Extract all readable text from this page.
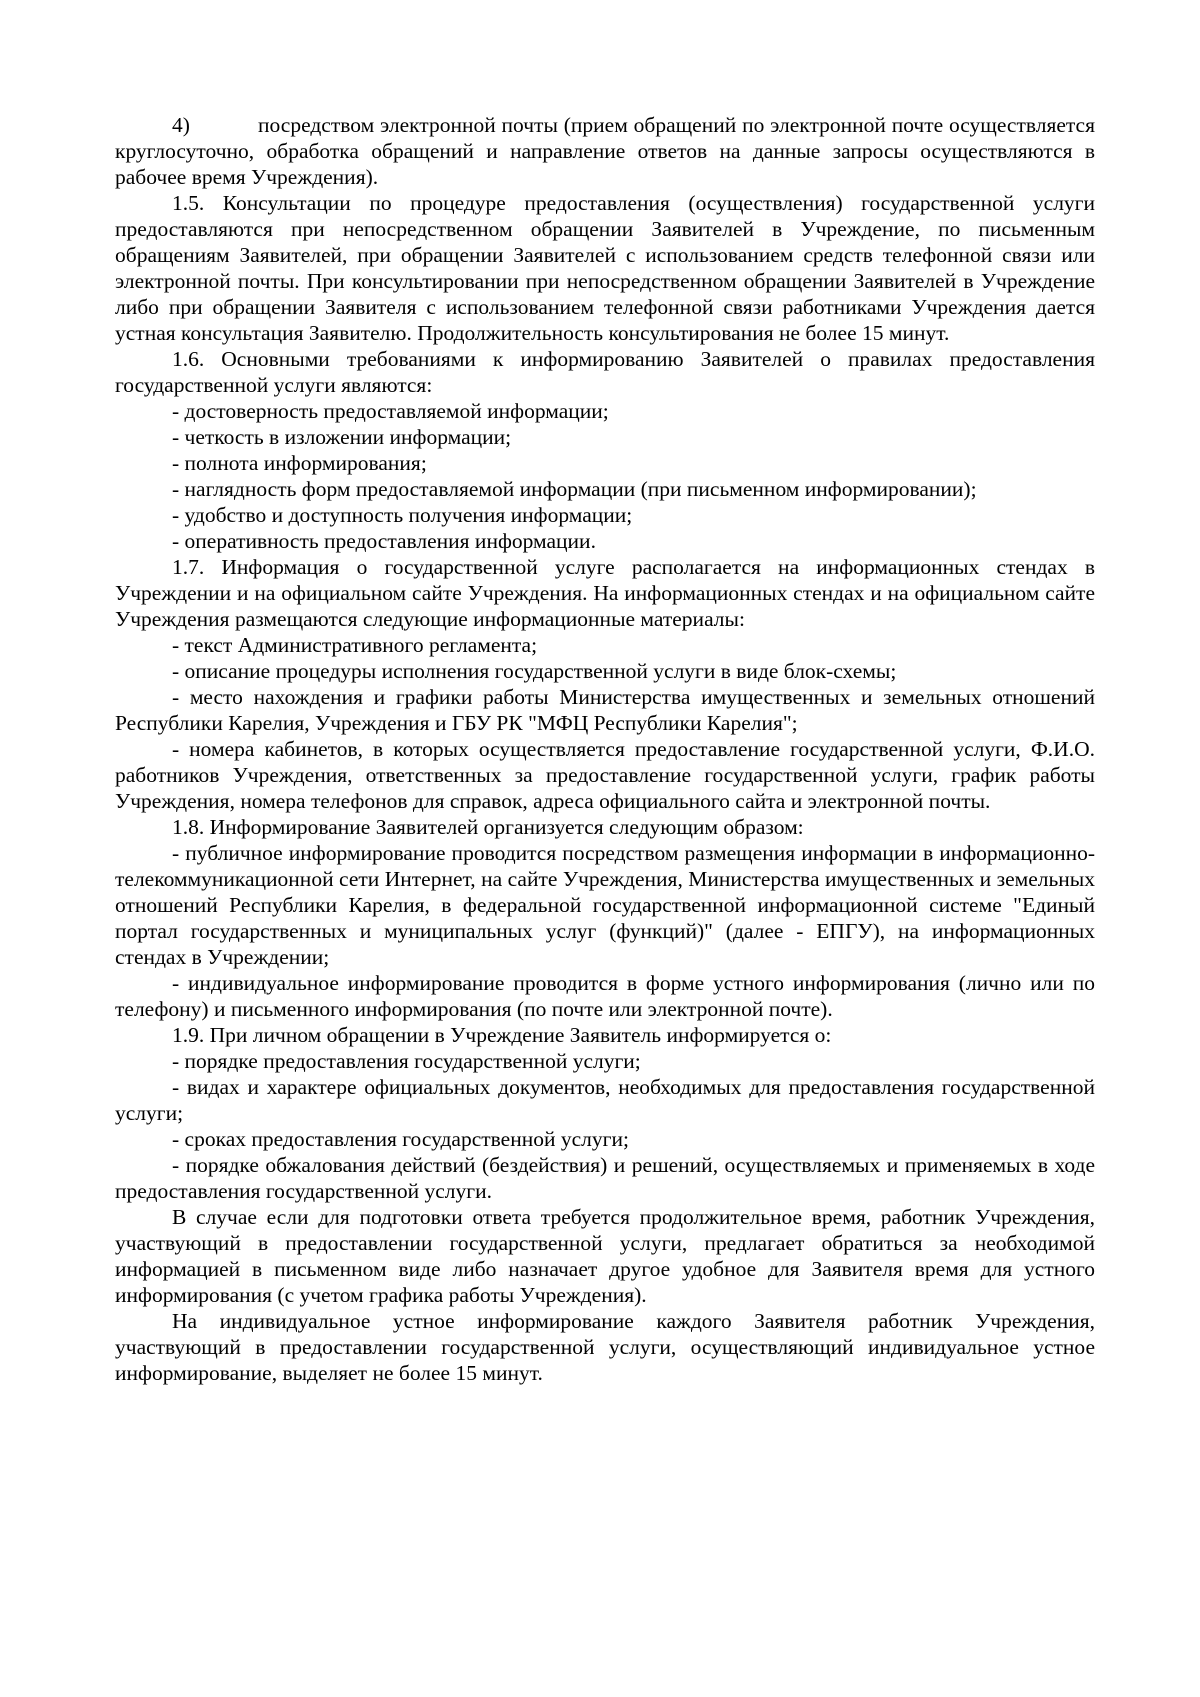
4)	посредством электронной почты (прием обращений по электронной почте осуществляется круглосуточно, обработка обращений и направление ответов на данные запросы осуществляются в рабочее время Учреждения).

1.5. Консультации по процедуре предоставления (осуществления) государственной услуги предоставляются при непосредственном обращении Заявителей в Учреждение, по письменным обращениям Заявителей, при обращении Заявителей с использованием средств телефонной связи или электронной почты. При консультировании при непосредственном обращении Заявителей в Учреждение либо при обращении Заявителя с использованием телефонной связи работниками Учреждения дается устная консультация Заявителю. Продолжительность консультирования не более 15 минут.

1.6. Основными требованиями к информированию Заявителей о правилах предоставления государственной услуги являются:

- достоверность предоставляемой информации;

- четкость в изложении информации;

- полнота информирования;

- наглядность форм предоставляемой информации (при письменном информировании);

- удобство и доступность получения информации;

- оперативность предоставления информации.

1.7. Информация о государственной услуге располагается на информационных стендах в Учреждении и на официальном сайте Учреждения. На информационных стендах и на официальном сайте Учреждения размещаются следующие информационные материалы:

- текст Административного регламента;

- описание процедуры исполнения государственной услуги в виде блок-схемы;

- место нахождения и графики работы Министерства имущественных и земельных отношений Республики Карелия, Учреждения и ГБУ РК "МФЦ Республики Карелия";

- номера кабинетов, в которых осуществляется предоставление государственной услуги, Ф.И.О. работников Учреждения, ответственных за предоставление государственной услуги, график работы Учреждения, номера телефонов для справок, адреса официального сайта и электронной почты.

1.8. Информирование Заявителей организуется следующим образом:

- публичное информирование проводится посредством размещения информации в информационно-телекоммуникационной сети Интернет, на сайте Учреждения, Министерства имущественных и земельных отношений Республики Карелия, в федеральной государственной информационной системе "Единый портал государственных и муниципальных услуг (функций)" (далее - ЕПГУ), на информационных стендах в Учреждении;

- индивидуальное информирование проводится в форме устного информирования (лично или по телефону) и письменного информирования (по почте или электронной почте).

1.9. При личном обращении в Учреждение Заявитель информируется о:

- порядке предоставления государственной услуги;

- видах и характере официальных документов, необходимых для предоставления государственной услуги;

- сроках предоставления государственной услуги;

- порядке обжалования действий (бездействия) и решений, осуществляемых и применяемых в ходе предоставления государственной услуги.

В случае если для подготовки ответа требуется продолжительное время, работник Учреждения, участвующий в предоставлении государственной услуги, предлагает обратиться за необходимой информацией в письменном виде либо назначает другое удобное для Заявителя время для устного информирования (с учетом графика работы Учреждения).

На индивидуальное устное информирование каждого Заявителя работник Учреждения, участвующий в предоставлении государственной услуги, осуществляющий индивидуальное устное информирование, выделяет не более 15 минут.
